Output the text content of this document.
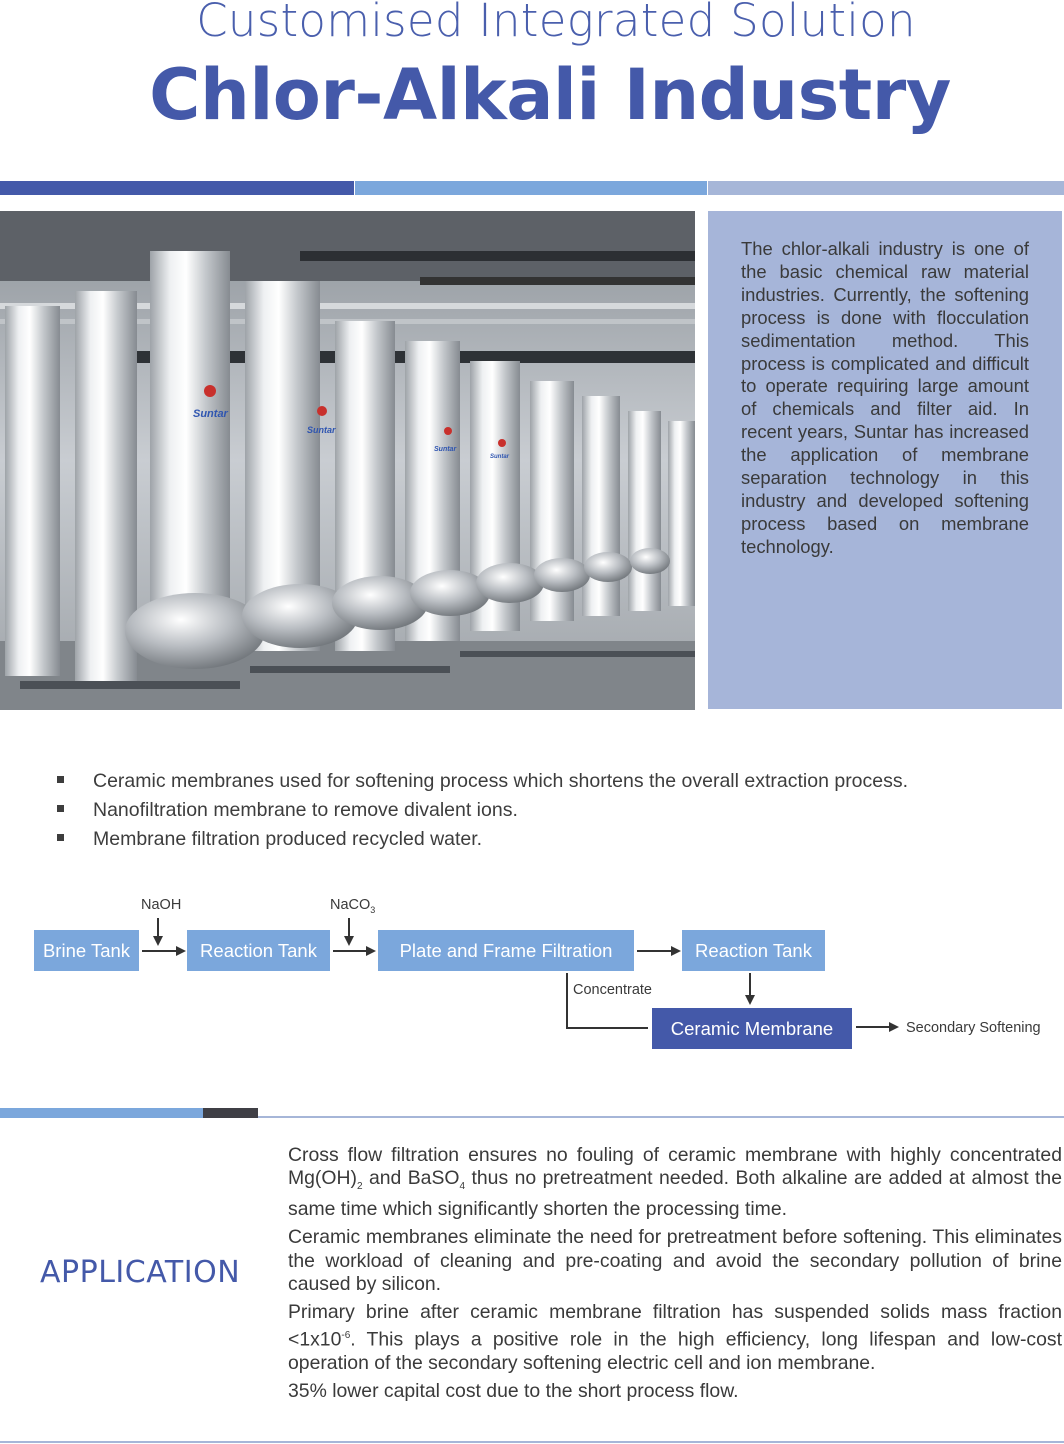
Customised Integrated Solution
Chlor-Alkali Industry
Suntar
Suntar
Suntar
Suntar
The chlor-alkali industry is one of the basic chemical raw material industries. Currently, the softening process is done with flocculation sedimentation method. This process is complicated and difficult to operate requiring large amount of chemicals and filter aid. In recent years, Suntar has increased the application of membrane separation technology in this industry and developed softening process based on membrane technology.
Ceramic membranes used for softening process which shortens the overall extraction process.
Nanofiltration membrane to remove divalent ions.
Membrane filtration produced recycled water.
Brine Tank	Reaction Tank	Plate and Frame Filtration	Reaction Tank
Ceramic Membrane
NaOH	NaCO$_3$
Concentrate
Secondary Softening
APPLICATION

Cross flow filtration ensures no fouling of ceramic membrane with highly concentrated $Mg(OH)_2$ and BaSO$_4$ thus no pretreatment needed. Both alkaline are added at almost the same time which significantly shorten the processing time.

Ceramic membranes eliminate the need for pretreatment before softening. This eliminates the workload of cleaning and pre-coating and avoid the secondary pollution of brine caused by silicon.

Primary brine after ceramic membrane filtration has suspended solids mass fraction $<1x10^{-6}$. This plays a positive role in the high efficiency, long lifespan and low-cost operation of the secondary softening electric cell and ion membrane.

35% lower capital cost due to the short process flow.
